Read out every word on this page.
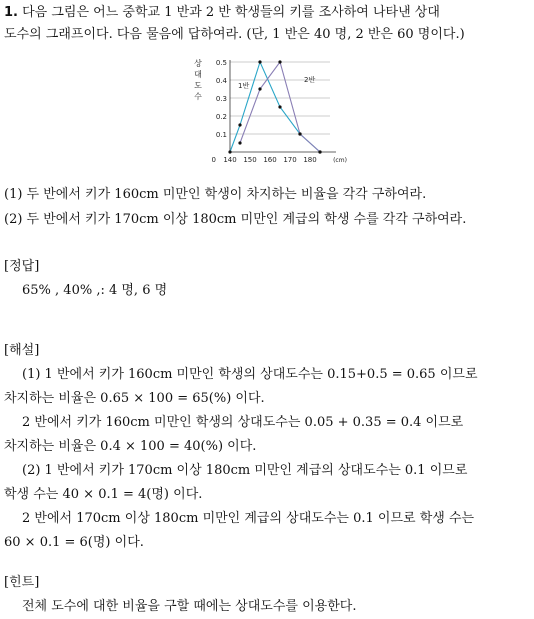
1. 다음 그림은 어느 중학교 1 반과 2 반 학생들의 키를 조사하여 나타낸 상대
도수의 그래프이다. 다음 물음에 답하여라. (단, 1 반은 40 명, 2 반은 60 명이다.)
0
0.1
0.2
0.3
0.4
0.5
140 150 160 170 180	(cm)
상
대
도
수
1반
2반
(1) 두 반에서 키가 160cm 미만인 학생이 차지하는 비율을 각각 구하여라.
(2) 두 반에서 키가 170cm 이상 180cm 미만인 계급의 학생 수를 각각 구하여라.
[정답]
65% , 40% ,: 4 명, 6 명
[해설]
(1) 1 반에서 키가 160cm 미만인 학생의 상대도수는 0.15+0.5 = 0.65 이므로
차지하는 비율은 0.65 × 100 = 65(%) 이다.
2 반에서 키가 160cm 미만인 학생의 상대도수는 0.05 + 0.35 = 0.4 이므로
차지하는 비율은 0.4 × 100 = 40(%) 이다.
(2) 1 반에서 키가 170cm 이상 180cm 미만인 계급의 상대도수는 0.1 이므로
학생 수는 40 × 0.1 = 4(명) 이다.
2 반에서 170cm 이상 180cm 미만인 계급의 상대도수는 0.1 이므로 학생 수는
60 × 0.1 = 6(명) 이다.
[힌트]
전체 도수에 대한 비율을 구할 때에는 상대도수를 이용한다.
